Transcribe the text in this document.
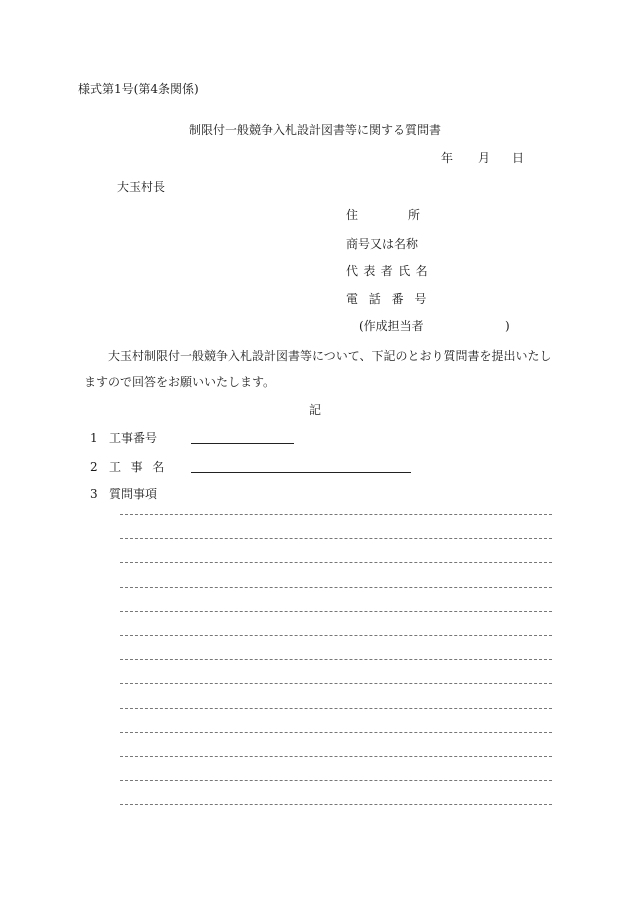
様式第1号(第4条関係)
制限付一般競争入札設計図書等に関する質問書
年 月 日
大玉村長
住	所
商号又は名称
代表者氏名
電話番号
(作成担当者	)
大玉村制限付一般競争入札設計図書等について、下記のとおり質問書を提出いたしますので回答をお願いいたします。
記
1 工事番号
2 工事名
3 質問事項
